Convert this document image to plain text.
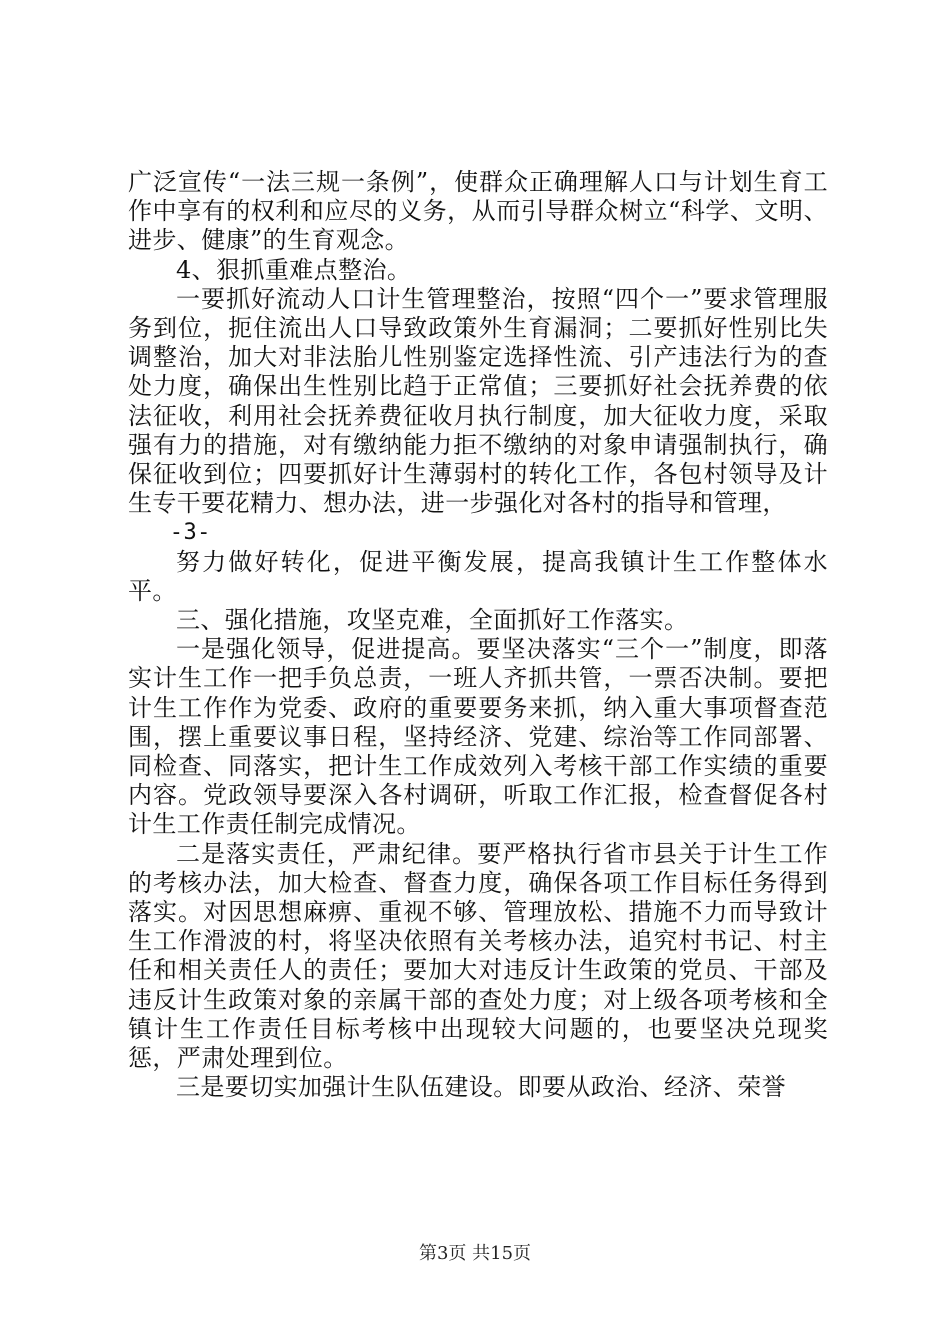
广泛宣传“一法三规一条例”，使群众正确理解人口与计划生育工作中享有的权利和应尽的义务，从而引导群众树立“科学、文明、进步、健康”的生育观念。

4、狠抓重难点整治。

一要抓好流动人口计生管理整治，按照“四个一”要求管理服务到位，扼住流出人口导致政策外生育漏洞；二要抓好性别比失调整治，加大对非法胎儿性别鉴定选择性流、引产违法行为的查处力度，确保出生性别比趋于正常值；三要抓好社会抚养费的依法征收，利用社会抚养费征收月执行制度，加大征收力度，采取强有力的措施，对有缴纳能力拒不缴纳的对象申请强制执行，确保征收到位；四要抓好计生薄弱村的转化工作，各包村领导及计生专干要花精力、想办法，进一步强化对各村的指导和管理，

-3-

努力做好转化，促进平衡发展，提高我镇计生工作整体水平。

三、强化措施，攻坚克难，全面抓好工作落实。

一是强化领导，促进提高。要坚决落实“三个一”制度，即落实计生工作一把手负总责，一班人齐抓共管，一票否决制。要把计生工作作为党委、政府的重要要务来抓，纳入重大事项督查范围，摆上重要议事日程，坚持经济、党建、综治等工作同部署、同检查、同落实，把计生工作成效列入考核干部工作实绩的重要内容。党政领导要深入各村调研，听取工作汇报，检查督促各村计生工作责任制完成情况。

二是落实责任，严肃纪律。要严格执行省市县关于计生工作的考核办法，加大检查、督查力度，确保各项工作目标任务得到落实。对因思想麻痹、重视不够、管理放松、措施不力而导致计生工作滑波的村，将坚决依照有关考核办法，追究村书记、村主任和相关责任人的责任；要加大对违反计生政策的党员、干部及违反计生政策对象的亲属干部的查处力度；对上级各项考核和全镇计生工作责任目标考核中出现较大问题的，也要坚决兑现奖惩，严肃处理到位。

三是要切实加强计生队伍建设。即要从政治、经济、荣誉

第3页 共15页
